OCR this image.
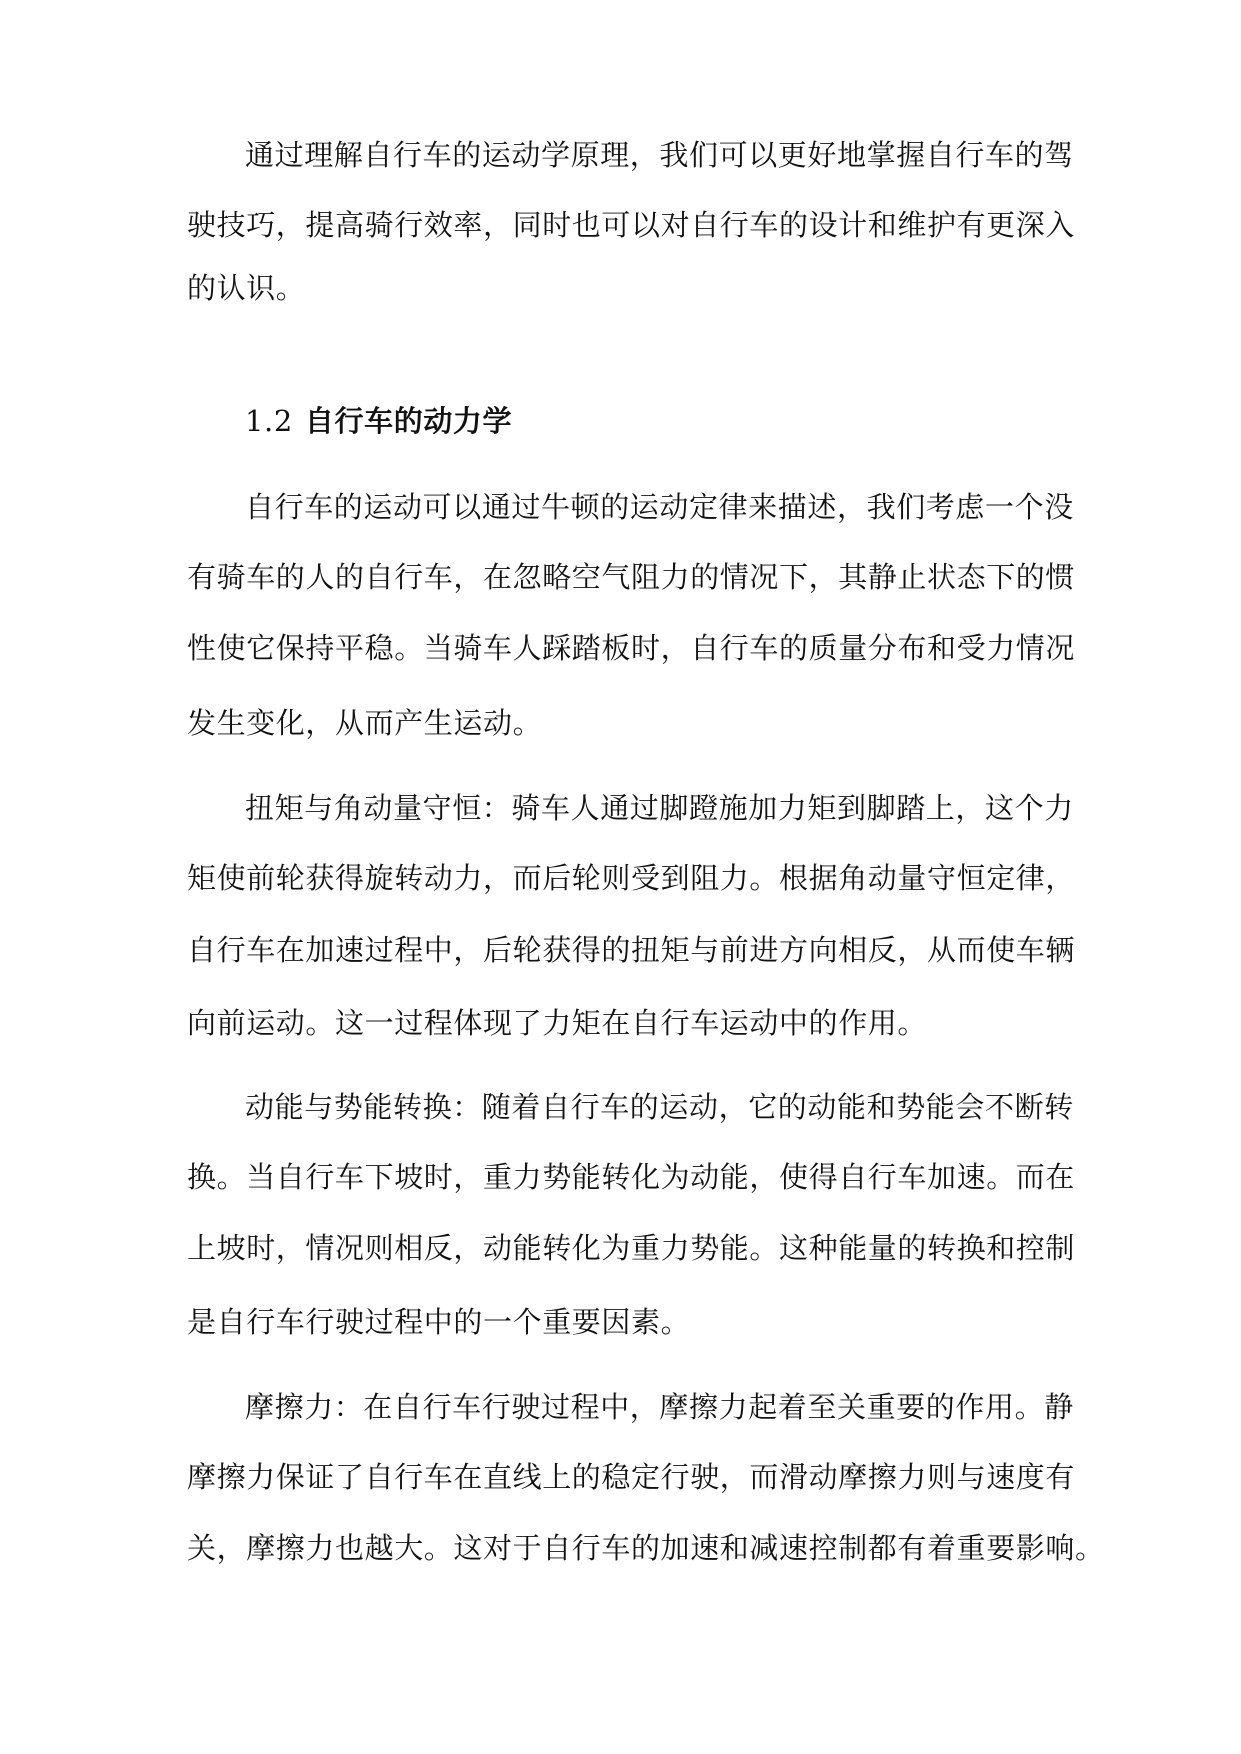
通过理解自行车的运动学原理，我们可以更好地掌握自行车的驾
驶技巧，提高骑行效率，同时也可以对自行车的设计和维护有更深入
的认识。
1.2 自行车的动力学
自行车的运动可以通过牛顿的运动定律来描述，我们考虑一个没
有骑车的人的自行车，在忽略空气阻力的情况下，其静止状态下的惯
性使它保持平稳。当骑车人踩踏板时，自行车的质量分布和受力情况
发生变化，从而产生运动。
扭矩与角动量守恒：骑车人通过脚蹬施加力矩到脚踏上，这个力
矩使前轮获得旋转动力，而后轮则受到阻力。根据角动量守恒定律，
自行车在加速过程中，后轮获得的扭矩与前进方向相反，从而使车辆
向前运动。这一过程体现了力矩在自行车运动中的作用。
动能与势能转换：随着自行车的运动，它的动能和势能会不断转
换。当自行车下坡时，重力势能转化为动能，使得自行车加速。而在
上坡时，情况则相反，动能转化为重力势能。这种能量的转换和控制
是自行车行驶过程中的一个重要因素。
摩擦力：在自行车行驶过程中，摩擦力起着至关重要的作用。静
摩擦力保证了自行车在直线上的稳定行驶，而滑动摩擦力则与速度有
关，摩擦力也越大。这对于自行车的加速和减速控制都有着重要影响。
